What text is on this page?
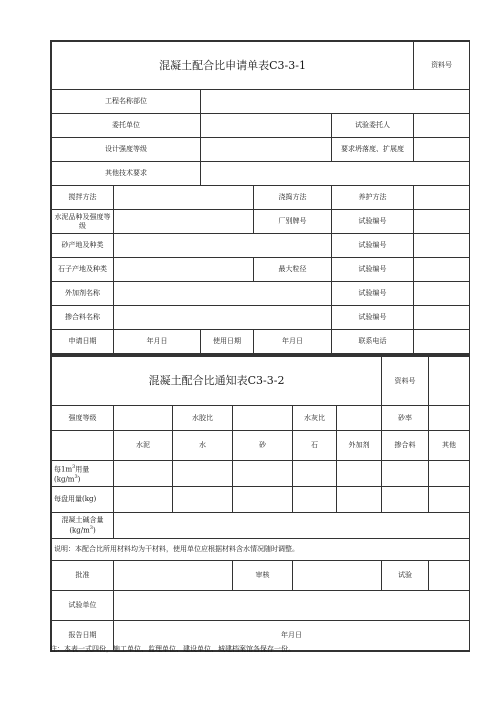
混凝土配合比申请单表C3-3-1					资料号
工程名称部位					
委托单位				试验委托人	
设计强度等级				要求坍落度、扩展度	
其他技术要求					
搅拌方法			浇捣方法	养护方法	
水泥品种及强度等级			厂别牌号	试验编号	
砂产地及种类				试验编号	
石子产地及种类			最大粒径	试验编号	
外加剂名称				试验编号	
掺合料名称				试验编号	
申请日期	年月日	使用日期	年月日	联系电话	
混凝土配合比通知表C3-3-2						资料号	
强度等级		水胶比		水灰比		砂率	
	水泥	水	砂	石	外加剂	掺合料	其他
每$1m^3$用量$(kg/m^3)$							
每盘用量(kg)							
混凝土碱含量
$(kg/m^3)$							
说明：本配合比所用材料均为干材料，使用单位应根据材料含水情况随时调整。							
批准			审核			试验	
试验单位							
报告日期	年月日						
注：本表一式四份，施工单位、监理单位、建设单位、城建档案馆各保存一份。
